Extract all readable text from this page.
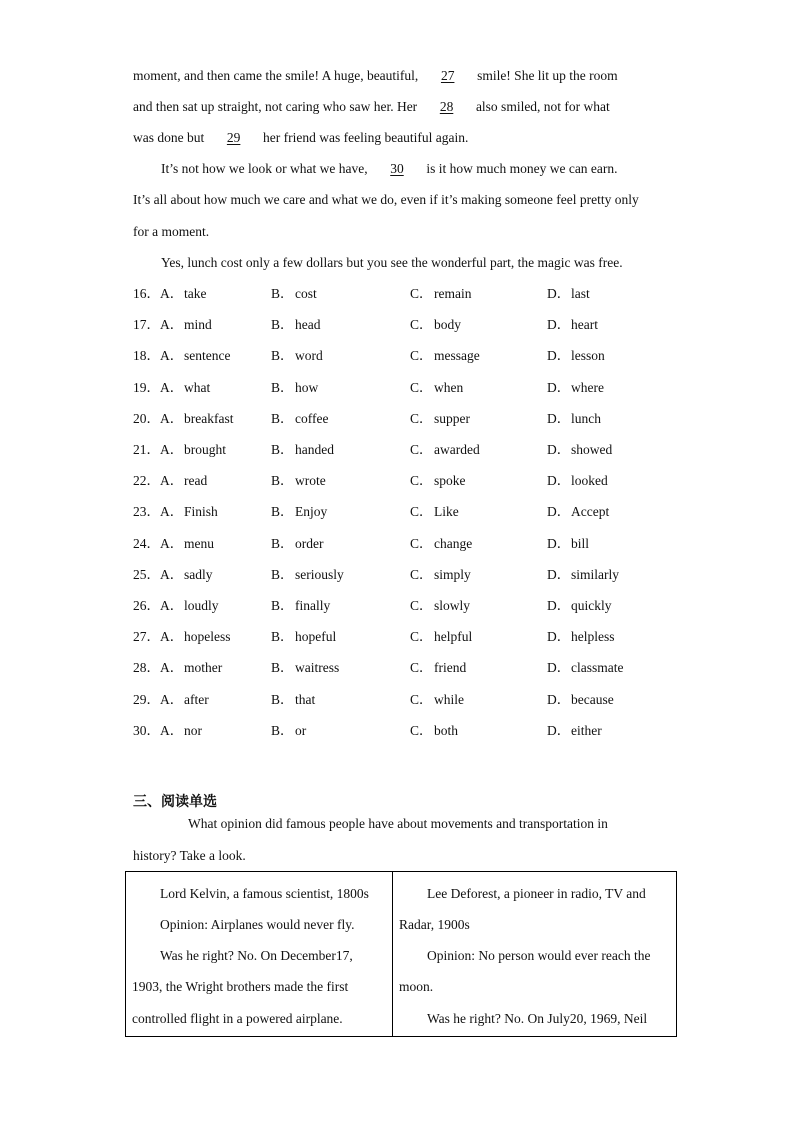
moment, and then came the smile! A huge, beautiful, 27 smile! She lit up the room
and then sat up straight, not caring who saw her. Her 28 also smiled, not for what
was done but 29 her friend was feeling beautiful again.
It’s not how we look or what we have, 30 is it how much money we can earn.
It’s all about how much we care and what we do, even if it’s making someone feel pretty only
for a moment.
Yes, lunch cost only a few dollars but you see the wonderful part, the magic was free.
16． A．take	B．cost	C．remain	D．last
17． A．mind	B．head	C．body	D．heart
18． A．sentence	B．word	C．message	D．lesson
19． A．what	B．how	C．when	D．where
20． A．breakfast	B．coffee	C．supper	D．lunch
21． A．brought	B．handed	C．awarded	D．showed
22． A．read	B．wrote	C．spoke	D．looked
23． A．Finish	B．Enjoy	C．Like	D．Accept
24． A．menu	B．order	C．change	D．bill
25． A．sadly	B．seriously	C．simply	D．similarly
26． A．loudly	B．finally	C．slowly	D．quickly
27． A．hopeless	B．hopeful	C．helpful	D．helpless
28． A．mother	B．waitress	C．friend	D．classmate
29． A．after	B．that	C．while	D．because
30． A．nor	B．or	C．both	D．either
三、阅读单选
What opinion did famous people have about movements and transportation in
history? Take a look.
Lord Kelvin, a famous scientist, 1800s
Opinion: Airplanes would never fly.
Was he right? No. On December17,
1903, the Wright brothers made the first
controlled flight in a powered airplane.
Lee Deforest, a pioneer in radio, TV and
Radar, 1900s
Opinion: No person would ever reach the
moon.
Was he right? No. On July20, 1969, Neil
